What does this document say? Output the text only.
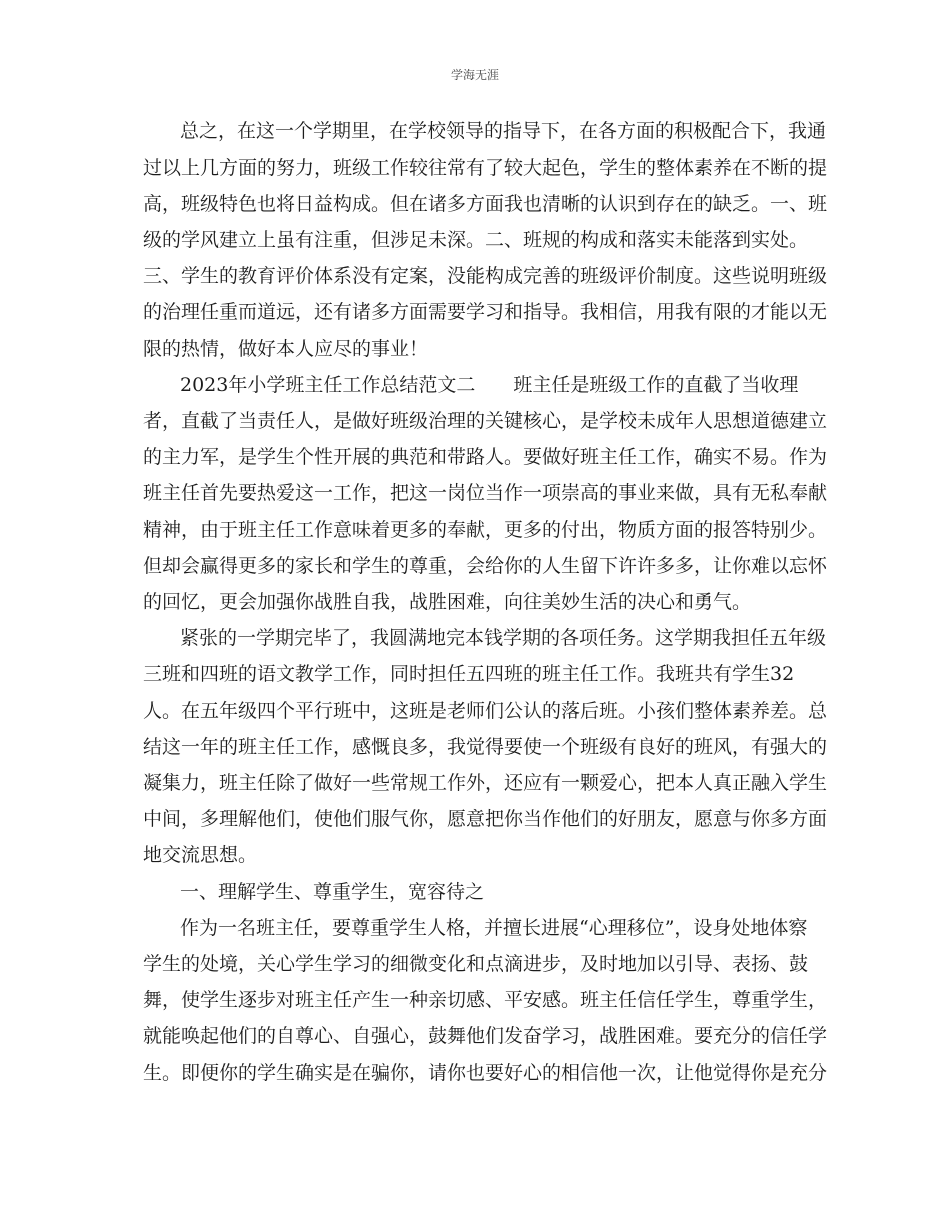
学海无涯
总之，在这一个学期里，在学校领导的指导下，在各方面的积极配合下，我通
过以上几方面的努力，班级工作较往常有了较大起色，学生的整体素养在不断的提
高，班级特色也将日益构成。但在诸多方面我也清晰的认识到存在的缺乏。一、班
级的学风建立上虽有注重，但涉足未深。二、班规的构成和落实未能落到实处。
三、学生的教育评价体系没有定案，没能构成完善的班级评价制度。这些说明班级
的治理任重而道远，还有诸多方面需要学习和指导。我相信，用我有限的才能以无
限的热情，做好本人应尽的事业！
2023年小学班主任工作总结范文二　　班主任是班级工作的直截了当收理
者，直截了当责任人，是做好班级治理的关键核心，是学校未成年人思想道德建立
的主力军，是学生个性开展的典范和带路人。要做好班主任工作，确实不易。作为
班主任首先要热爱这一工作，把这一岗位当作一项崇高的事业来做，具有无私奉献
精神，由于班主任工作意味着更多的奉献，更多的付出，物质方面的报答特别少。
但却会赢得更多的家长和学生的尊重，会给你的人生留下许许多多，让你难以忘怀
的回忆，更会加强你战胜自我，战胜困难，向往美妙生活的决心和勇气。
紧张的一学期完毕了，我圆满地完本钱学期的各项任务。这学期我担任五年级
三班和四班的语文教学工作，同时担任五四班的班主任工作。我班共有学生32
人。在五年级四个平行班中，这班是老师们公认的落后班。小孩们整体素养差。总
结这一年的班主任工作，感慨良多，我觉得要使一个班级有良好的班风，有强大的
凝集力，班主任除了做好一些常规工作外，还应有一颗爱心，把本人真正融入学生
中间，多理解他们，使他们服气你，愿意把你当作他们的好朋友，愿意与你多方面
地交流思想。
一、理解学生、尊重学生，宽容待之
作为一名班主任，要尊重学生人格，并擅长进展“心理移位”，设身处地体察
学生的处境，关心学生学习的细微变化和点滴进步，及时地加以引导、表扬、鼓
舞，使学生逐步对班主任产生一种亲切感、平安感。班主任信任学生，尊重学生，
就能唤起他们的自尊心、自强心，鼓舞他们发奋学习，战胜困难。要充分的信任学
生。即便你的学生确实是在骗你，请你也要好心的相信他一次，让他觉得你是充分
